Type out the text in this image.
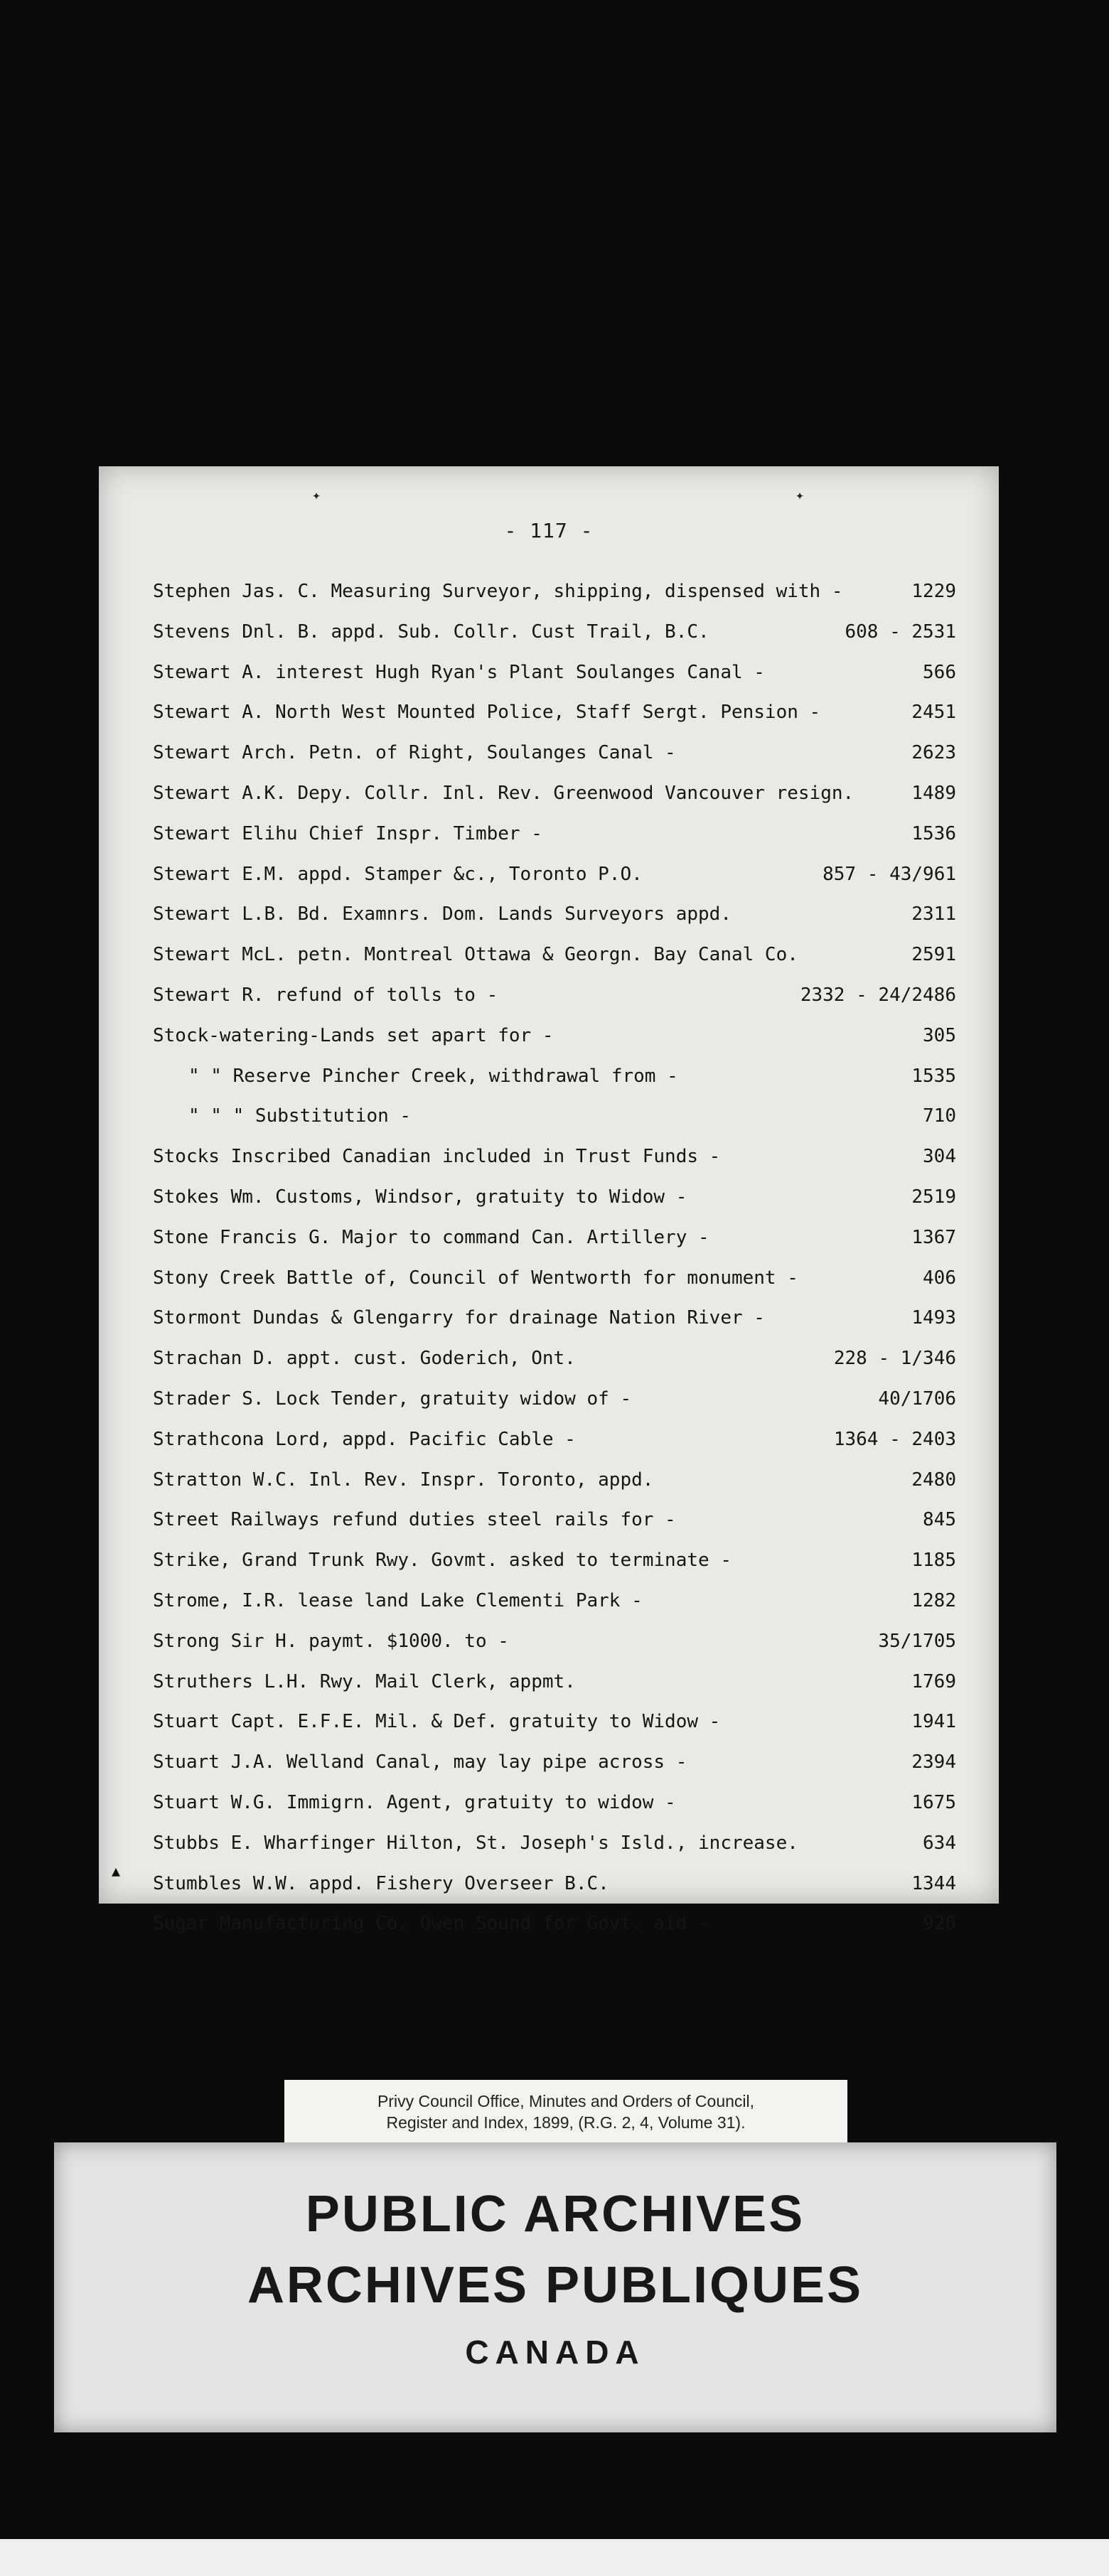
✦	✦
- 117 -
Stephen Jas. C. Measuring Surveyor, shipping, dispensed with -	1229
Stevens Dnl. B. appd. Sub. Collr. Cust Trail, B.C.	608 - 2531
Stewart A. interest Hugh Ryan's Plant Soulanges Canal -	566
Stewart A. North West Mounted Police, Staff Sergt. Pension -	2451
Stewart Arch. Petn. of Right, Soulanges Canal -	2623
Stewart A.K. Depy. Collr. Inl. Rev. Greenwood Vancouver resign.	1489
Stewart Elihu Chief Inspr. Timber -	1536
Stewart E.M. appd. Stamper &c., Toronto P.O.	857 - 43/961
Stewart L.B. Bd. Examnrs. Dom. Lands Surveyors appd.	2311
Stewart McL. petn. Montreal Ottawa & Georgn. Bay Canal Co.	2591
Stewart R. refund of tolls to -	2332 - 24/2486
Stock-watering-Lands set apart for -	305
" " Reserve Pincher Creek, withdrawal from -	1535
" " " Substitution -	710
Stocks Inscribed Canadian included in Trust Funds -	304
Stokes Wm. Customs, Windsor, gratuity to Widow -	2519
Stone Francis G. Major to command Can. Artillery -	1367
Stony Creek Battle of, Council of Wentworth for monument -	406
Stormont Dundas & Glengarry for drainage Nation River -	1493
Strachan D. appt. cust. Goderich, Ont.	228 - 1/346
Strader S. Lock Tender, gratuity widow of -	40/1706
Strathcona Lord, appd. Pacific Cable -	1364 - 2403
Stratton W.C. Inl. Rev. Inspr. Toronto, appd.	2480
Street Railways refund duties steel rails for -	845
Strike, Grand Trunk Rwy. Govmt. asked to terminate -	1185
Strome, I.R. lease land Lake Clementi Park -	1282
Strong Sir H. paymt. $1000. to -	35/1705
Struthers L.H. Rwy. Mail Clerk, appmt.	1769
Stuart Capt. E.F.E. Mil. & Def. gratuity to Widow -	1941
Stuart J.A. Welland Canal, may lay pipe across -	2394
Stuart W.G. Immigrn. Agent, gratuity to widow -	1675
Stubbs E. Wharfinger Hilton, St. Joseph's Isld., increase.	634
Stumbles W.W. appd. Fishery Overseer B.C.	1344
Sugar Manufacturing Co. Owen Sound for Govt. aid -	926
▲
Privy Council Office, Minutes and Orders of Council,
Register and Index, 1899, (R.G. 2, 4, Volume 31).
PUBLIC ARCHIVES
ARCHIVES PUBLIQUES
CANADA
